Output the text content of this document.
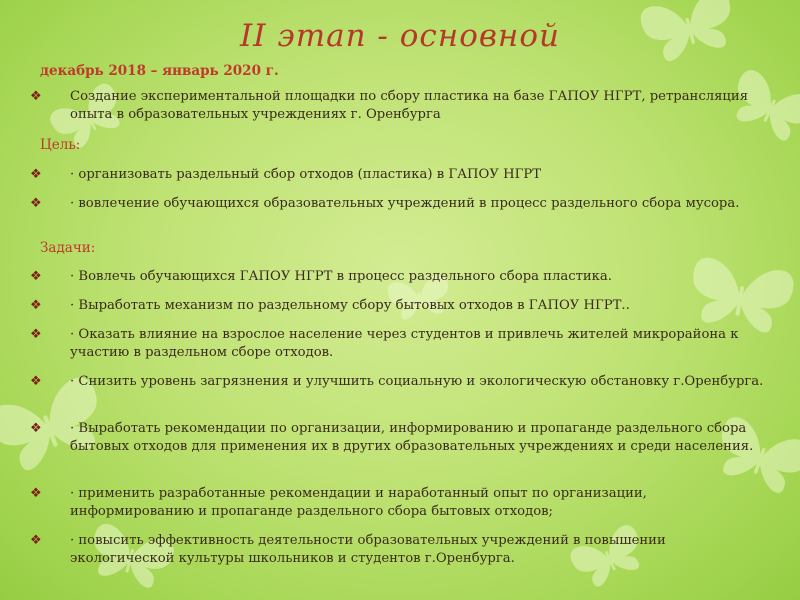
II этап - основной
декабрь 2018 – январь 2020 г.
❖	Создание экспериментальной площадки по сбору пластика на базе ГАПОУ НГРТ, ретрансляция опыта в образовательных учреждениях г. Оренбурга
Цель:
❖	· организовать раздельный сбор отходов (пластика) в ГАПОУ НГРТ
❖	· вовлечение обучающихся образовательных учреждений в процесс раздельного сбора мусора.
Задачи:
❖	· Вовлечь обучающихся ГАПОУ НГРТ в процесс раздельного сбора пластика.
❖	· Выработать механизм по раздельному сбору бытовых отходов в ГАПОУ НГРТ..
❖	· Оказать влияние на взрослое население через студентов и привлечь жителей микрорайона к участию в раздельном сборе отходов.
❖	· Снизить уровень загрязнения и улучшить социальную и экологическую обстановку г.Оренбурга.
❖	· Выработать рекомендации по организации, информированию и пропаганде раздельного сбора бытовых отходов для применения их в других образовательных учреждениях и среди населения.
❖	· применить разработанные рекомендации и наработанный опыт по организации, информированию и пропаганде раздельного сбора бытовых отходов;
❖	· повысить эффективность деятельности образовательных учреждений в повышении экологической культуры школьников и студентов г.Оренбурга.
